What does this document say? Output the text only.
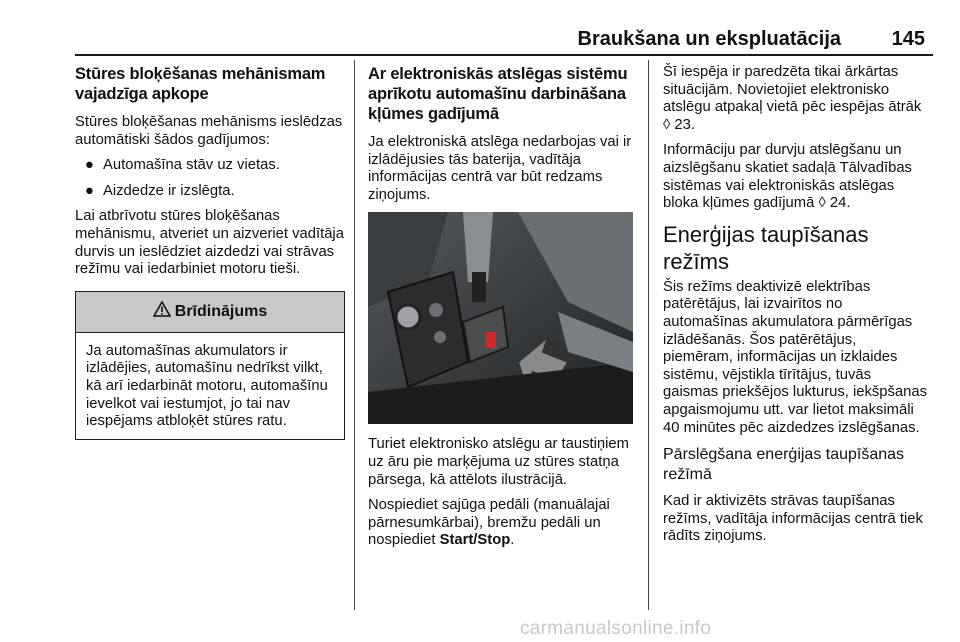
Braukšana un ekspluatācija	145
Stūres bloķēšanas mehānismam vajadzīga apkope

Stūres bloķēšanas mehānisms ieslēdzas automātiski šādos gadījumos:

● Automašīna stāv uz vietas.
● Aizdedze ir izslēgta.

Lai atbrīvotu stūres bloķēšanas mehānismu, atveriet un aizveriet vadītāja durvis un ieslēdziet aizdedzi vai strāvas režīmu vai iedarbiniet motoru tieši.

Brīdinājums

Ja automašīnas akumulators ir izlādējies, automašīnu nedrīkst vilkt, kā arī iedarbināt motoru, automašīnu ievelkot vai iestumjot, jo tai nav iespējams atbloķēt stūres ratu.

Ar elektroniskās atslēgas sistēmu aprīkotu automašīnu darbināšana kļūmes gadījumā

Ja elektroniskā atslēga nedarbojas vai ir izlādējusies tās baterija, vadītāja informācijas centrā var būt redzams ziņojums.

Turiet elektronisko atslēgu ar taustiņiem uz āru pie marķējuma uz stūres statņa pārsega, kā attēlots ilustrācijā.

Nospiediet sajūga pedāli (manuālajai pārnesumkārbai), bremžu pedāli un nospiediet Start/Stop.

Šī iespēja ir paredzēta tikai ārkārtas situācijām. Novietojiet elektronisko atslēgu atpakaļ vietā pēc iespējas ātrāk ◊ 23.

Informāciju par durvju atslēgšanu un aizslēgšanu skatiet sadaļā Tālvadības sistēmas vai elektroniskās atslēgas bloka kļūmes gadījumā ◊ 24.

Enerģijas taupīšanas režīms

Šis režīms deaktivizē elektrības patērētājus, lai izvairītos no automašīnas akumulatora pārmērīgas izlādēšanās. Šos patērētājus, piemēram, informācijas un izklaides sistēmu, vējstikla tīrītājus, tuvās gaismas priekšējos lukturus, iekšpšanas apgaismojumu utt. var lietot maksimāli 40 minūtes pēc aizdedzes izslēgšanas.

Pārslēgšana enerģijas taupīšanas režīmā

Kad ir aktivizēts strāvas taupīšanas režīms, vadītāja informācijas centrā tiek rādīts ziņojums.

carmanualsonline.info
